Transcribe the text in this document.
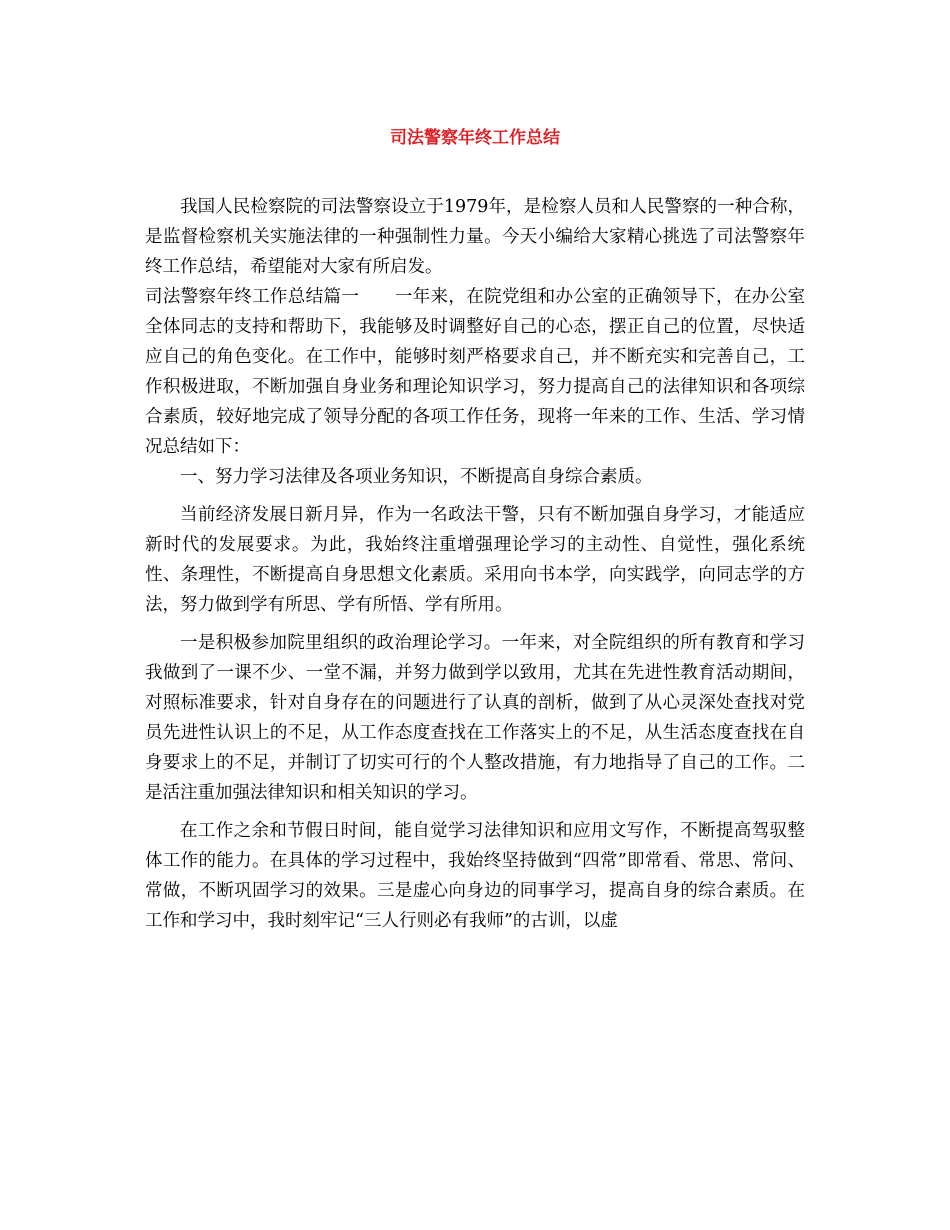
司法警察年终工作总结

我国人民检察院的司法警察设立于1979年，是检察人员和人民警察的一种合称，是监督检察机关实施法律的一种强制性力量。今天小编给大家精心挑选了司法警察年终工作总结，希望能对大家有所启发。

司法警察年终工作总结篇一　　一年来，在院党组和办公室的正确领导下，在办公室全体同志的支持和帮助下，我能够及时调整好自己的心态，摆正自己的位置，尽快适应自己的角色变化。在工作中，能够时刻严格要求自己，并不断充实和完善自己，工作积极进取，不断加强自身业务和理论知识学习，努力提高自己的法律知识和各项综合素质，较好地完成了领导分配的各项工作任务，现将一年来的工作、生活、学习情况总结如下：

一、努力学习法律及各项业务知识，不断提高自身综合素质。

当前经济发展日新月异，作为一名政法干警，只有不断加强自身学习，才能适应新时代的发展要求。为此，我始终注重增强理论学习的主动性、自觉性，强化系统性、条理性，不断提高自身思想文化素质。采用向书本学，向实践学，向同志学的方法，努力做到学有所思、学有所悟、学有所用。

一是积极参加院里组织的政治理论学习。一年来，对全院组织的所有教育和学习我做到了一课不少、一堂不漏，并努力做到学以致用，尤其在先进性教育活动期间，对照标准要求，针对自身存在的问题进行了认真的剖析，做到了从心灵深处查找对党员先进性认识上的不足，从工作态度查找在工作落实上的不足，从生活态度查找在自身要求上的不足，并制订了切实可行的个人整改措施，有力地指导了自己的工作。二是活注重加强法律知识和相关知识的学习。

在工作之余和节假日时间，能自觉学习法律知识和应用文写作，不断提高驾驭整体工作的能力。在具体的学习过程中，我始终坚持做到“四常”即常看、常思、常问、常做，不断巩固学习的效果。三是虚心向身边的同事学习，提高自身的综合素质。在工作和学习中，我时刻牢记“三人行则必有我师”的古训，以虚
